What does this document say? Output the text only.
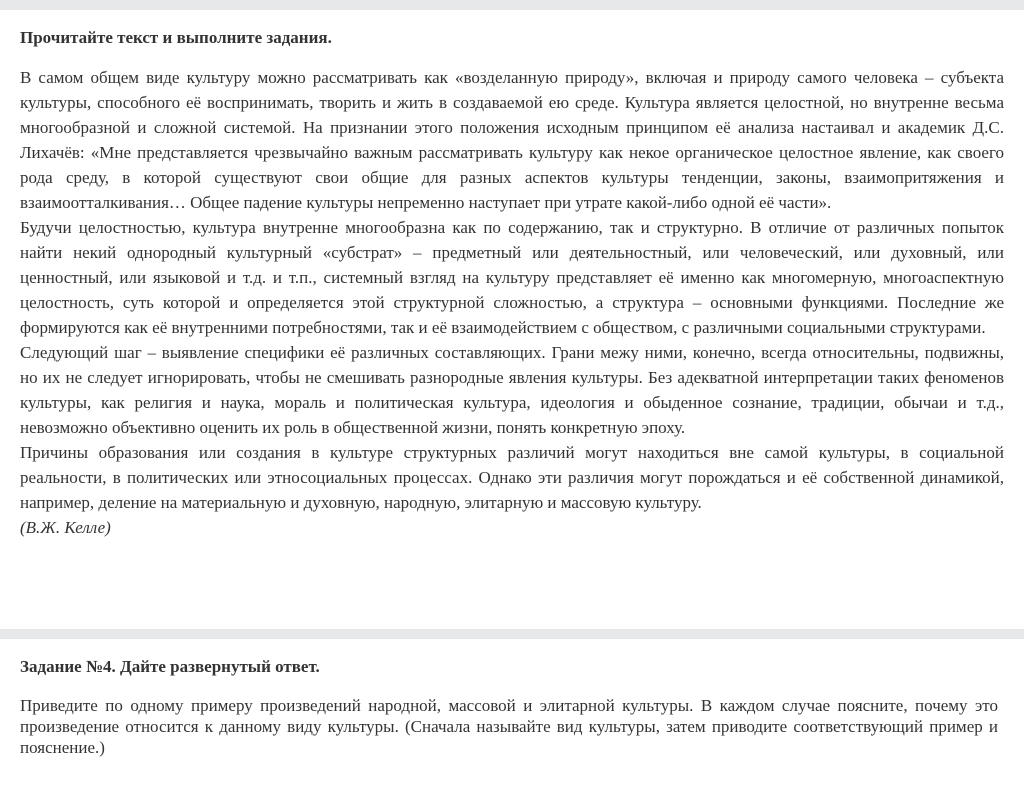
Прочитайте текст и выполните задания.

В самом общем виде культуру можно рассматривать как «возделанную природу», включая и природу самого человека – субъекта культуры, способного её воспринимать, творить и жить в создаваемой ею среде. Культура является целостной, но внутренне весьма многообразной и сложной системой. На признании этого положения исходным принципом её анализа настаивал и академик Д.С. Лихачёв: «Мне представляется чрезвычайно важным рассматривать культуру как некое органическое целостное явление, как своего рода среду, в которой существуют свои общие для разных аспектов культуры тенденции, законы, взаимопритяжения и взаимоотталкивания… Общее падение культуры непременно наступает при утрате какой-либо одной её части».

Будучи целостностью, культура внутренне многообразна как по содержанию, так и структурно. В отличие от различных попыток найти некий однородный культурный «субстрат» – предметный или деятельностный, или человеческий, или духовный, или ценностный, или языковой и т.д. и т.п., системный взгляд на культуру представляет её именно как многомерную, многоаспектную целостность, суть которой и определяется этой структурной сложностью, а структура – основными функциями. Последние же формируются как её внутренними потребностями, так и её взаимодействием с обществом, с различными социальными структурами.

Следующий шаг – выявление специфики её различных составляющих. Грани межу ними, конечно, всегда относительны, подвижны, но их не следует игнорировать, чтобы не смешивать разнородные явления культуры. Без адекватной интерпретации таких феноменов культуры, как религия и наука, мораль и политическая культура, идеология и обыденное сознание, традиции, обычаи и т.д., невозможно объективно оценить их роль в общественной жизни, понять конкретную эпоху.

Причины образования или создания в культуре структурных различий могут находиться вне самой культуры, в социальной реальности, в политических или этносоциальных процессах. Однако эти различия могут порождаться и её собственной динамикой, например, деление на материальную и духовную, народную, элитарную и массовую культуру.

(В.Ж. Келле)
Задание №4. Дайте развернутый ответ.
Приведите по одному примеру произведений народной, массовой и элитарной культуры. В каждом случае поясните, почему это произведение относится к данному виду культуры. (Сначала называйте вид культуры, затем приводите соответствующий пример и пояснение.)
